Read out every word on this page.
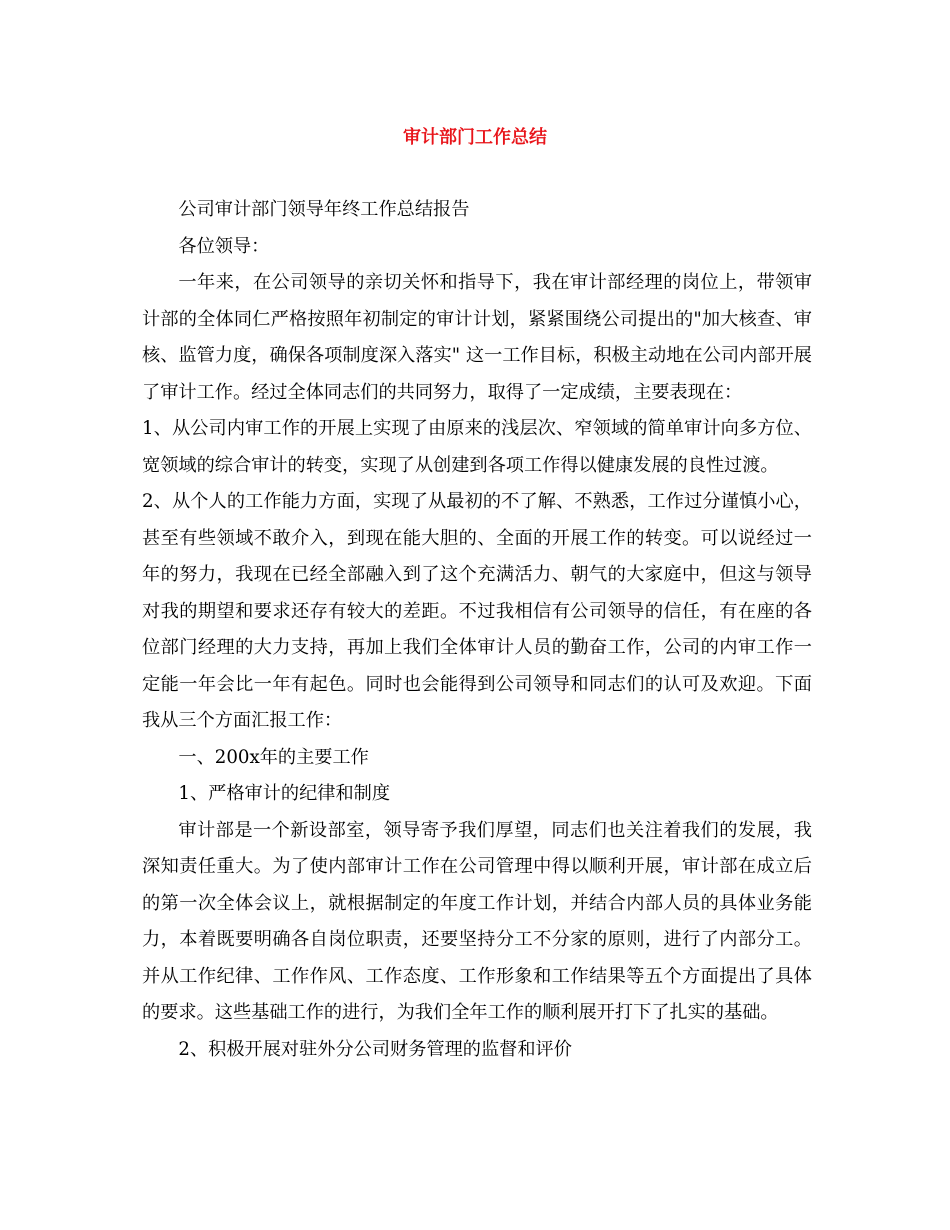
审计部门工作总结

公司审计部门领导年终工作总结报告

各位领导：

一年来，在公司领导的亲切关怀和指导下，我在审计部经理的岗位上，带领审计部的全体同仁严格按照年初制定的审计计划，紧紧围绕公司提出的"加大核查、审核、监管力度，确保各项制度深入落实" 这一工作目标，积极主动地在公司内部开展了审计工作。经过全体同志们的共同努力，取得了一定成绩，主要表现在：

1、从公司内审工作的开展上实现了由原来的浅层次、窄领域的简单审计向多方位、宽领域的综合审计的转变，实现了从创建到各项工作得以健康发展的良性过渡。

2、从个人的工作能力方面，实现了从最初的不了解、不熟悉，工作过分谨慎小心，甚至有些领域不敢介入，到现在能大胆的、全面的开展工作的转变。可以说经过一年的努力，我现在已经全部融入到了这个充满活力、朝气的大家庭中，但这与领导对我的期望和要求还存有较大的差距。不过我相信有公司领导的信任，有在座的各位部门经理的大力支持，再加上我们全体审计人员的勤奋工作，公司的内审工作一定能一年会比一年有起色。同时也会能得到公司领导和同志们的认可及欢迎。下面我从三个方面汇报工作：

一、200x年的主要工作

1、严格审计的纪律和制度

审计部是一个新设部室，领导寄予我们厚望，同志们也关注着我们的发展，我深知责任重大。为了使内部审计工作在公司管理中得以顺利开展，审计部在成立后的第一次全体会议上，就根据制定的年度工作计划，并结合内部人员的具体业务能力，本着既要明确各自岗位职责，还要坚持分工不分家的原则，进行了内部分工。并从工作纪律、工作作风、工作态度、工作形象和工作结果等五个方面提出了具体的要求。这些基础工作的进行，为我们全年工作的顺利展开打下了扎实的基础。

2、积极开展对驻外分公司财务管理的监督和评价
